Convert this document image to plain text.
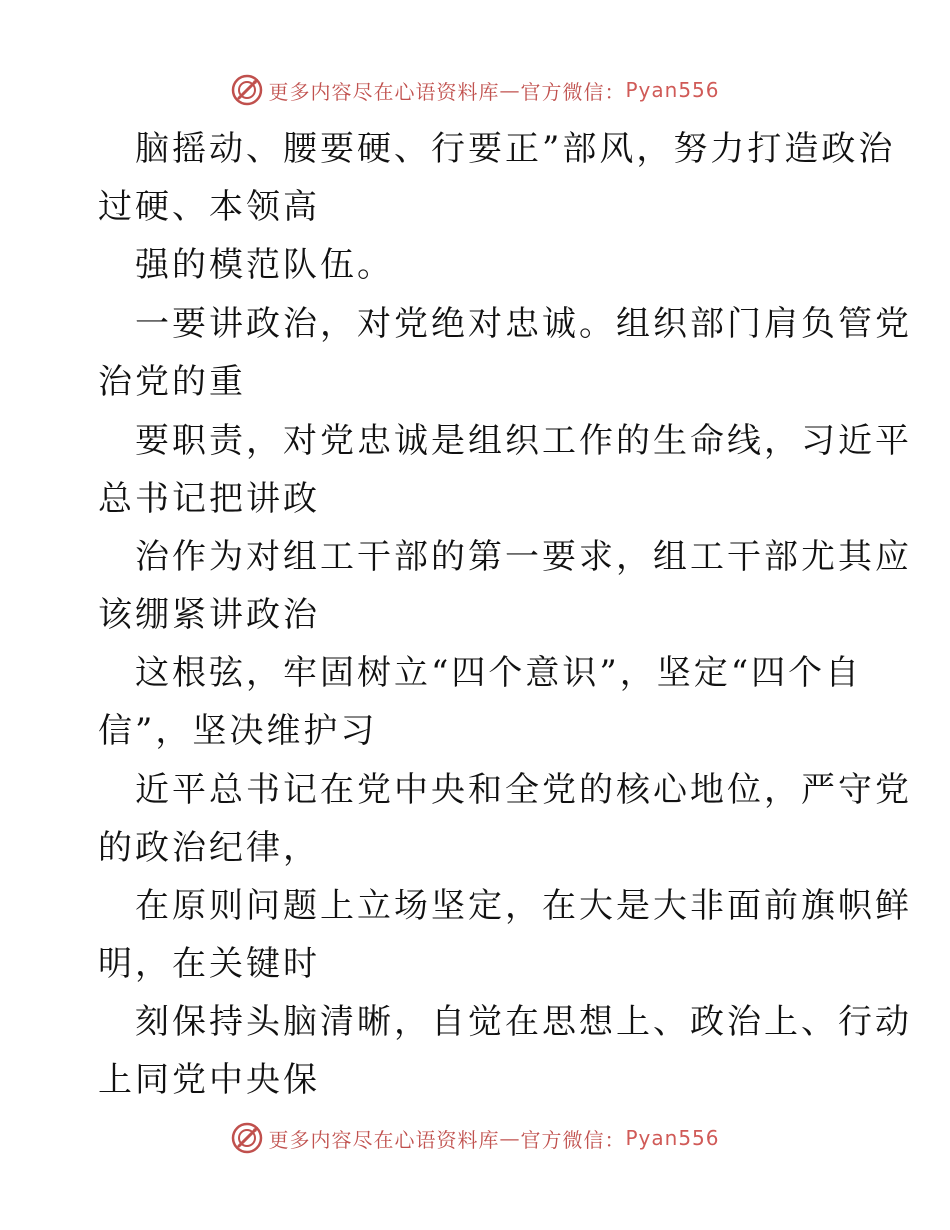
更多内容尽在心语资料库 — 官方微信： Pyan556
脑摇动、腰要硬、行要正”部风，努力打造政治
过硬、本领高
强的模范队伍。
一要讲政治，对党绝对忠诚。组织部门肩负管党
治党的重
要职责，对党忠诚是组织工作的生命线，习近平
总书记把讲政
治作为对组工干部的第一要求，组工干部尤其应
该绷紧讲政治
这根弦，牢固树立“四个意识”，坚定“四个自
信”，坚决维护习
近平总书记在党中央和全党的核心地位，严守党
的政治纪律，
在原则问题上立场坚定，在大是大非面前旗帜鲜
明，在关键时
刻保持头脑清晰，自觉在思想上、政治上、行动
上同党中央保
更多内容尽在心语资料库 — 官方微信： Pyan556
